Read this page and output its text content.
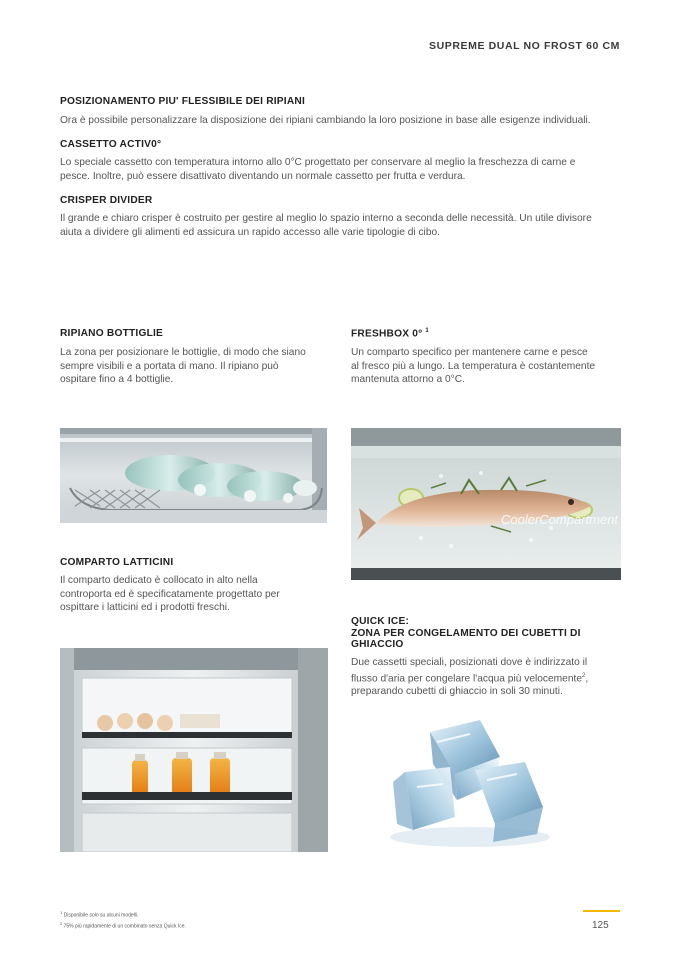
SUPREME DUAL NO FROST 60 CM
POSIZIONAMENTO PIU' FLESSIBILE DEI RIPIANI
Ora è possibile personalizzare la disposizione dei ripiani cambiando la loro posizione in base alle esigenze individuali.
CASSETTO ACTIV0°
Lo speciale cassetto con temperatura intorno allo 0°C progettato per conservare al meglio la freschezza di carne e
pesce. Inoltre, può essere disattivato diventando un normale cassetto per frutta e verdura.
CRISPER DIVIDER
Il grande e chiaro crisper è costruito per gestire al meglio lo spazio interno a seconda delle necessità. Un utile divisore
aiuta a dividere gli alimenti ed assicura un rapido accesso alle varie tipologie di cibo.
RIPIANO BOTTIGLIE
La zona per posizionare le bottiglie, di modo che siano
sempre visibili e a portata di mano. Il ripiano può
ospitare fino a 4 bottiglie.
FRESHBOX 0° $^1$
Un comparto specifico per mantenere carne e pesce
al fresco più a lungo. La temperatura è costantemente
mantenuta attorno a 0°C.
CoolerCompartment
COMPARTO LATTICINI
Il comparto dedicato è collocato in alto nella
controporta ed è specificatamente progettato per
ospittare i latticini ed i prodotti freschi.
QUICK ICE:
ZONA PER CONGELAMENTO DEI CUBETTI DI
GHIACCIO
Due cassetti speciali, posizionati dove è indirizzato il
flusso d'aria per congelare l'acqua più velocemente$^2$,
preparando cubetti di ghiaccio in soli 30 minuti.
$^1$ Disponibile solo su alcuni modelli.
$^2$ 75% più rapidamente di un combinato senza Quick Ice.	125
